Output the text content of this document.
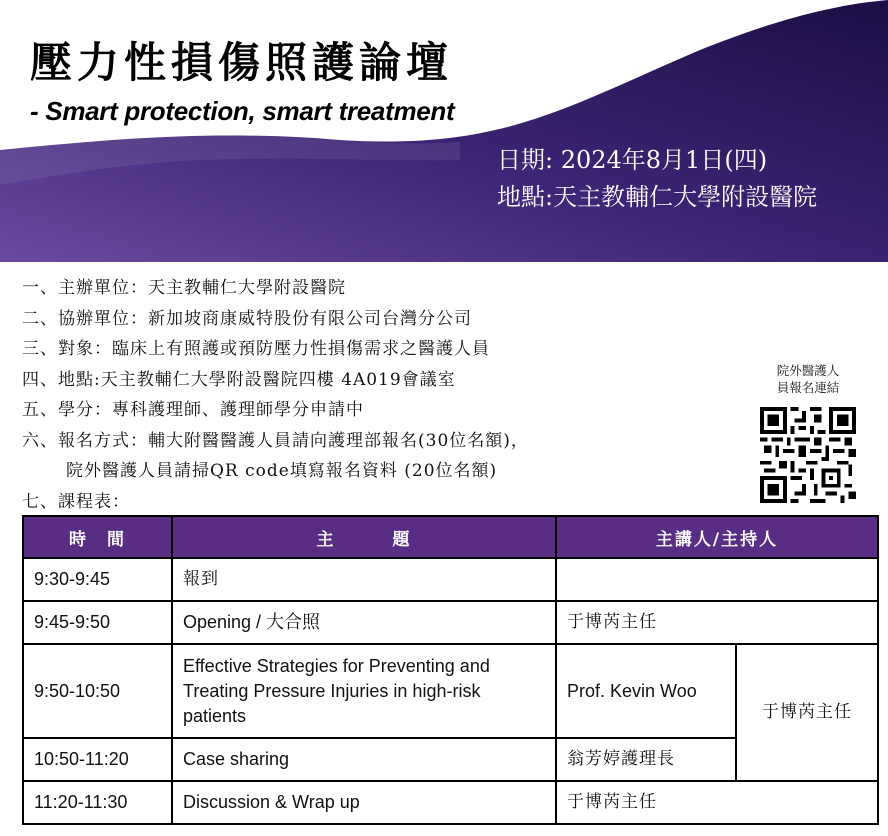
壓力性損傷照護論壇
- Smart protection, smart treatment
日期: 2024年8月1日(四)
地點:天主教輔仁大學附設醫院
一、主辦單位：天主教輔仁大學附設醫院
二、協辦單位：新加坡商康威特股份有限公司台灣分公司
三、對象：臨床上有照護或預防壓力性損傷需求之醫護人員
四、地點:天主教輔仁大學附設醫院四樓 4A019會議室
五、學分：專科護理師、護理師學分申請中
六、報名方式：輔大附醫醫護人員請向護理部報名(30位名額)，
院外醫護人員請掃QR code填寫報名資料 (20位名額)
七、課程表：
院外醫護人
員報名連結
時　間	主　　　題	主講人/主持人	
9:30-9:45	報到		
9:45-9:50	Opening / 大合照	于博芮主任	
9:50-10:50	Effective Strategies for Preventing and Treating Pressure Injuries in high-risk patients	Prof. Kevin Woo	于博芮主任
10:50-11:20	Case sharing	翁芳婷護理長	
11:20-11:30	Discussion & Wrap up	于博芮主任	
